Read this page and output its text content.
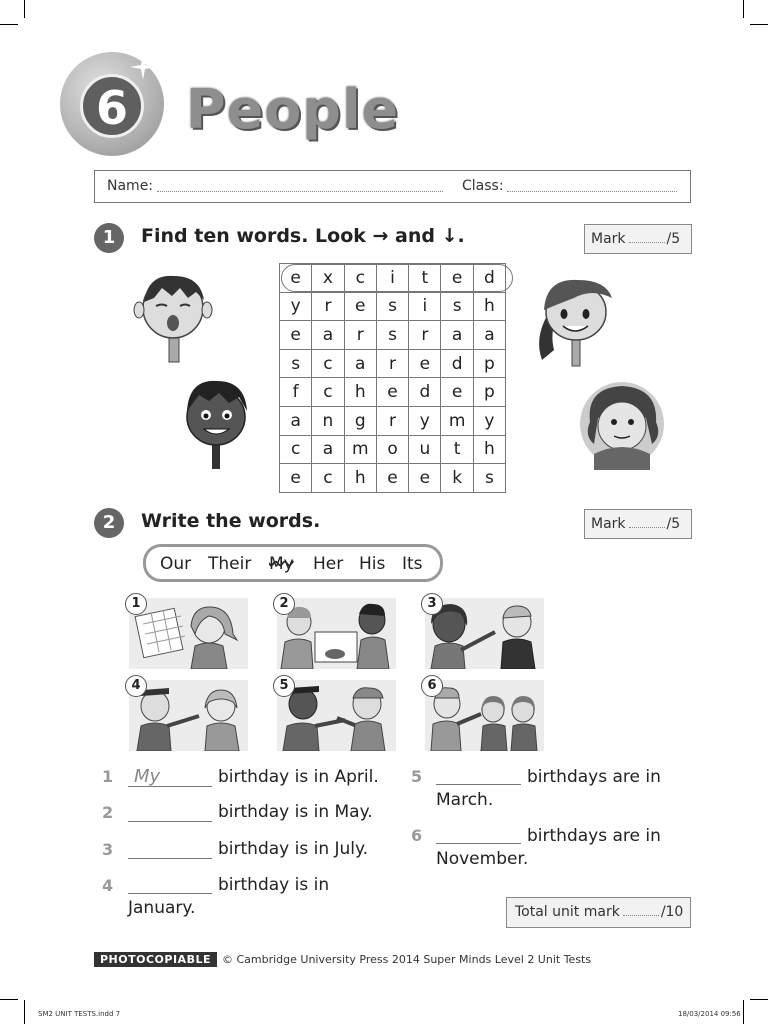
6 People
Name:	Class:
1	Find ten words. Look → and ↓.	Mark	/5
e	x	c	i	t	e	d
y	r	e	s	i	s	h
e	a	r	s	r	a	a
s	c	a	r	e	d	p
f	c	h	e	d	e	p
a	n	g	r	y	m	y
c	a	m	o	u	t	h
e	c	h	e	e	k	s
2	Write the words.	Mark	/5
Our Their My Her His Its
1	2	3
4	5	6
1 My	birthday is in April.
2	birthday is in May.
3	birthday is in July.
4	birthday is in
January.
5	birthdays are in
March.
6	birthdays are in
November.
Total unit mark	/10
PHOTOCOPIABLE © Cambridge University Press 2014 Super Minds Level 2 Unit Tests
SM2 UNIT TESTS.indd 7	18/03/2014 09:56
